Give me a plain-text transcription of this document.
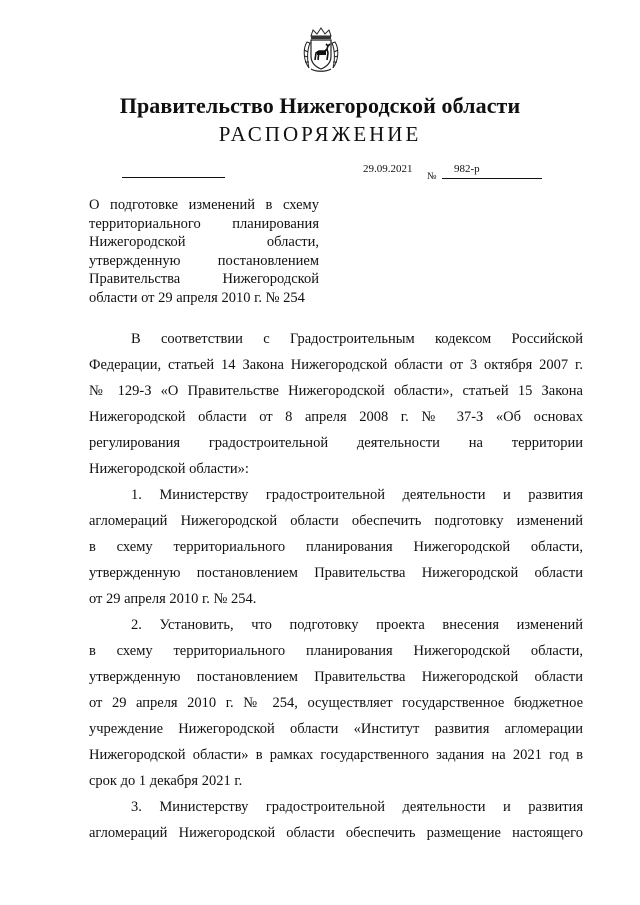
Правительство Нижегородской области
РАСПОРЯЖЕНИЕ
29.09.2021
№
982-р
О подготовке изменений в схему
территориального планирования
Нижегородской области,
утвержденную постановлением
Правительства Нижегородской
области от 29 апреля 2010 г. № 254
В соответствии с Градостроительным кодексом Российской
Федерации, статьей 14 Закона Нижегородской области от 3 октября 2007 г.
№ 129-З «О Правительстве Нижегородской области», статьей 15 Закона
Нижегородской области от 8 апреля 2008 г. № 37-З «Об основах
регулирования градостроительной деятельности на территории
Нижегородской области»:
1. Министерству градостроительной деятельности и развития
агломераций Нижегородской области обеспечить подготовку изменений
в схему территориального планирования Нижегородской области,
утвержденную постановлением Правительства Нижегородской области
от 29 апреля 2010 г. № 254.
2. Установить, что подготовку проекта внесения изменений
в схему территориального планирования Нижегородской области,
утвержденную постановлением Правительства Нижегородской области
от 29 апреля 2010 г. № 254, осуществляет государственное бюджетное
учреждение Нижегородской области «Институт развития агломерации
Нижегородской области» в рамках государственного задания на 2021 год в
срок до 1 декабря 2021 г.
3. Министерству градостроительной деятельности и развития
агломераций Нижегородской области обеспечить размещение настоящего
